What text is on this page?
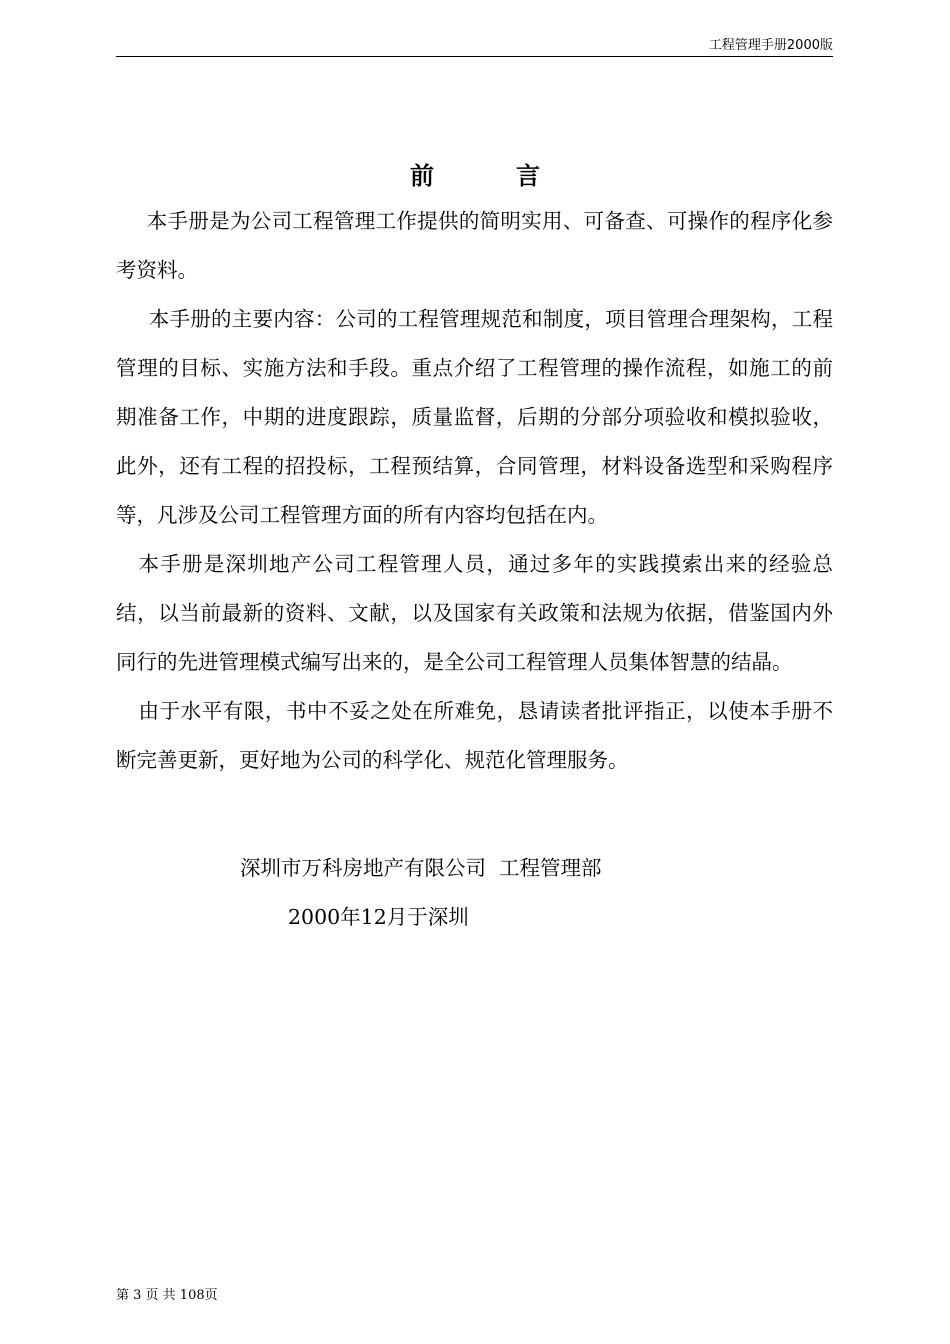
工程管理手册2000版
前	言

本手册是为公司工程管理工作提供的简明实用、可备查、可操作的程序化参考资料。

本手册的主要内容：公司的工程管理规范和制度，项目管理合理架构，工程管理的目标、实施方法和手段。重点介绍了工程管理的操作流程，如施工的前期准备工作，中期的进度跟踪，质量监督，后期的分部分项验收和模拟验收，此外，还有工程的招投标，工程预结算，合同管理，材料设备选型和采购程序等，凡涉及公司工程管理方面的所有内容均包括在内。

本手册是深圳地产公司工程管理人员，通过多年的实践摸索出来的经验总结，以当前最新的资料、文献，以及国家有关政策和法规为依据，借鉴国内外同行的先进管理模式编写出来的，是全公司工程管理人员集体智慧的结晶。

由于水平有限，书中不妥之处在所难免，恳请读者批评指正，以使本手册不断完善更新，更好地为公司的科学化、规范化管理服务。

深圳市万科房地产有限公司  工程管理部
2000年12月于深圳
第 3 页 共 108页
